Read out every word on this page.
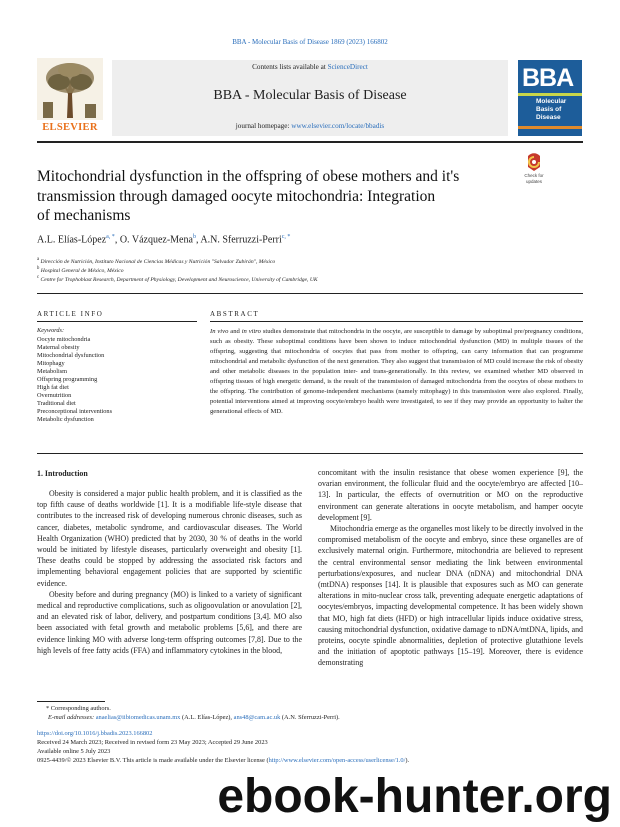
BBA - Molecular Basis of Disease 1869 (2023) 166802
Contents lists available at ScienceDirect
BBA - Molecular Basis of Disease
journal homepage: www.elsevier.com/locate/bbadis
ELSEVIER
BBA
Molecular
Basis of
Disease
Mitochondrial dysfunction in the offspring of obese mothers and it's
transmission through damaged oocyte mitochondria: Integration
of mechanisms
Check for
updates
A.L. Elías-López$^{a, *}$, O. Vázquez-Mena$^b$, A.N. Sferruzzi-Perri$^{c, *}$
$^a$ Dirección de Nutrición, Instituto Nacional de Ciencias Médicas y Nutrición "Salvador Zubirán", México
$^b$ Hospital General de México, México
$^c$ Centre for Trophoblast Research, Department of Physiology, Development and Neuroscience, University of Cambridge, UK
ARTICLE INFO
Keywords:
Oocyte mitochondria
Maternal obesity
Mitochondrial dysfunction
Mitophagy
Metabolism
Offspring programming
High fat diet
Overnutrition
Traditional diet
Preconceptional interventions
Metabolic dysfunction
ABSTRACT
In vivo and in vitro studies demonstrate that mitochondria in the oocyte, are susceptible to damage by suboptimal pre/pregnancy conditions, such as obesity. These suboptimal conditions have been shown to induce mitochondrial dysfunction (MD) in multiple tissues of the offspring, suggesting that mitochondria of oocytes that pass from mother to offspring, can carry information that can programme mitochondrial and metabolic dysfunction of the next generation. They also suggest that transmission of MD could increase the risk of obesity and other metabolic diseases in the population inter- and trans-generationally. In this review, we examined whether MD observed in offspring tissues of high energetic demand, is the result of the transmission of damaged mitochondria from the oocytes of obese mothers to the offspring. The contribution of genome-independent mechanisms (namely mitophagy) in this transmission were also explored. Finally, potential interventions aimed at improving oocyte/embryo health were investigated, to see if they may provide an opportunity to halter the generational effects of MD.
1. Introduction

Obesity is considered a major public health problem, and it is classified as the top fifth cause of deaths worldwide [1]. It is a modifiable life-style disease that contributes to the increased risk of developing numerous chronic diseases, such as cancer, diabetes, metabolic syndrome, and cardiovascular diseases. The World Health Organization (WHO) predicted that by 2030, 30 % of deaths in the world would be initiated by lifestyle diseases, particularly overweight and obesity [1]. These deaths could be stopped by addressing the associated risk factors and implementing behavioral engagement policies that are supported by scientific evidence.

Obesity before and during pregnancy (MO) is linked to a variety of significant medical and reproductive complications, such as oligoovulation or anovulation [2], and an elevated risk of labor, delivery, and postpartum conditions [3,4]. MO also been associated with fetal growth and metabolic problems [5,6], and there are evidence linking MO with adverse long-term offspring outcomes [7,8]. Due to the high levels of free fatty acids (FFA) and inflammatory cytokines in the blood,

concomitant with the insulin resistance that obese women experience [9], the ovarian environment, the follicular fluid and the oocyte/embryo are affected [10–13]. In particular, the effects of overnutrition or MO on the reproductive environment can generate alterations in oocyte metabolism, and hamper oocyte development [9].

Mitochondria emerge as the organelles most likely to be directly involved in the compromised metabolism of the oocyte and embryo, since these organelles are of exclusively maternal origin. Furthermore, mitochondria are believed to represent the central environmental sensor mediating the link between environmental perturbations/exposures, and nuclear DNA (nDNA) and mitochondrial DNA (mtDNA) responses [14]. It is plausible that exposures such as MO can generate alterations in mito-nuclear cross talk, preventing adequate energetic adaptations of oocytes/embryos, impacting developmental competence. It has been widely shown that MO, high fat diets (HFD) or high intracellular lipids induce oxidative stress, causing mitochondrial dysfunction, oxidative damage to nDNA/mtDNA, lipids, and proteins, oocyte spindle abnormalities, depletion of protective glutathione levels and the initiation of apoptotic pathways [15–19]. Moreover, there is evidence demonstrating

* Corresponding authors.
E-mail addresses: anaelias@iibiomedicas.unam.mx (A.L. Elías-López), ans48@cam.ac.uk (A.N. Sferruzzi-Perri).
https://doi.org/10.1016/j.bbadis.2023.166802
Received 24 March 2023; Received in revised form 23 May 2023; Accepted 29 June 2023
Available online 5 July 2023
0925-4439/© 2023 Elsevier B.V. This article is made available under the Elsevier license (http://www.elsevier.com/open-access/userlicense/1.0/).
ebook-hunter.org
